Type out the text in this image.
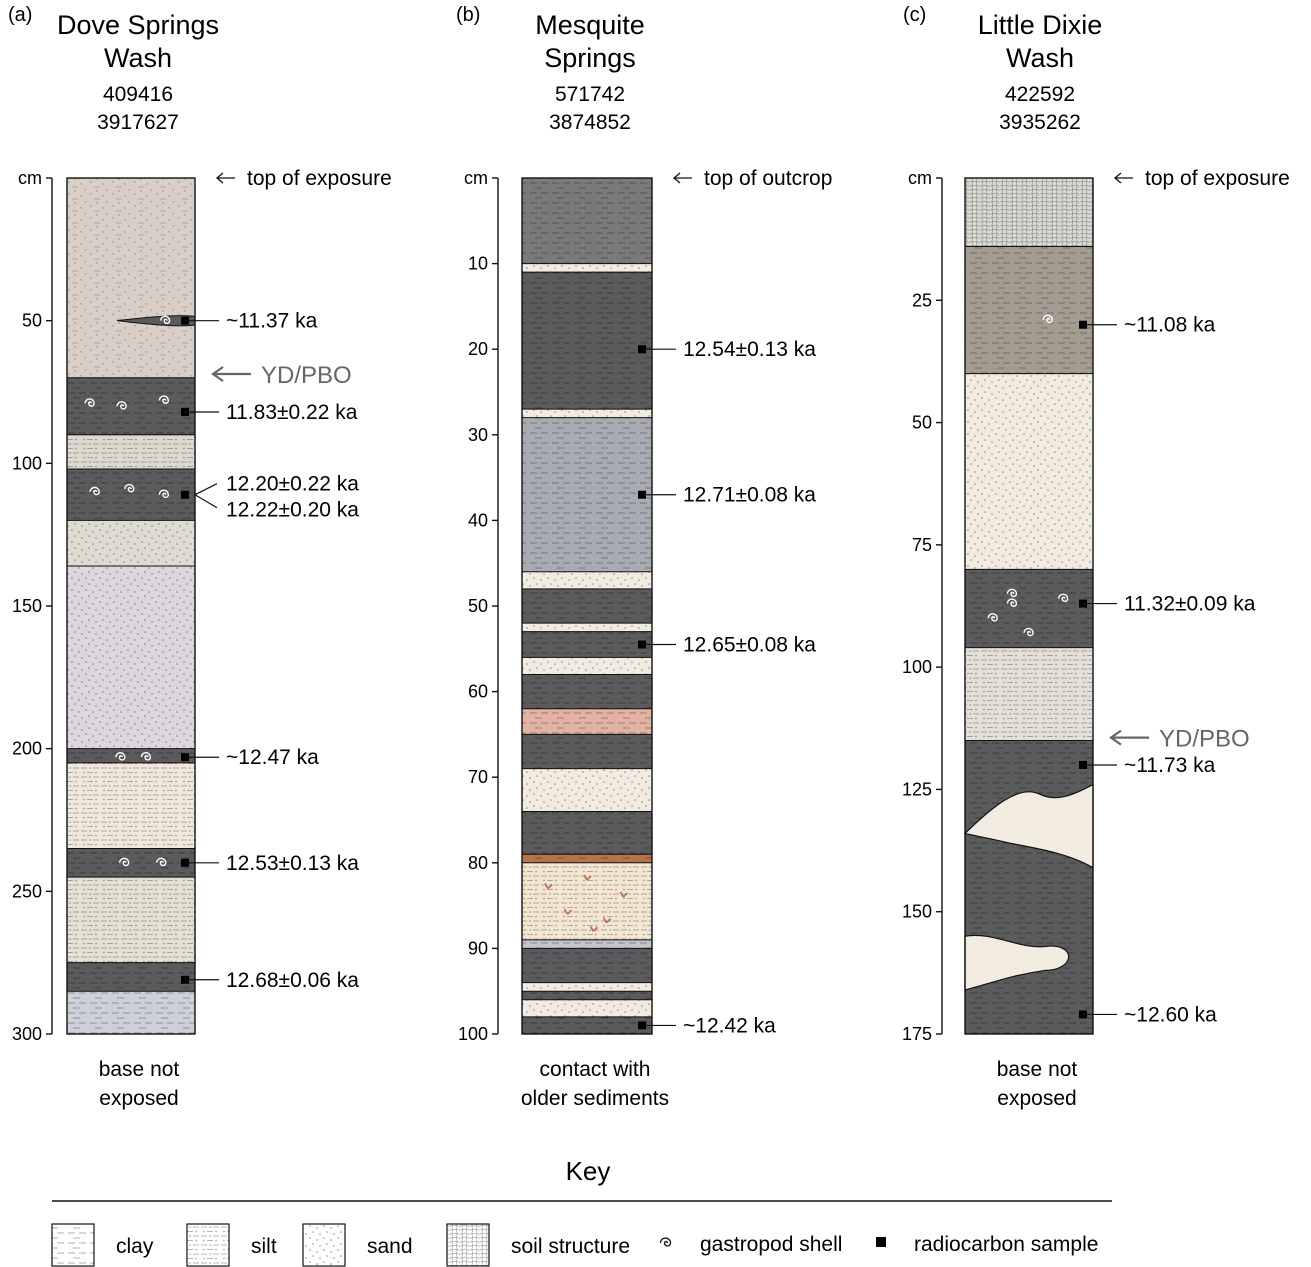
(a) Dove Springs
Wash
409416
3917627
cm
50
100
150
200
250
300
~11.37 ka
11.83±0.22 ka
12.20±0.22 ka
12.22±0.20 ka
~12.47 ka
12.53±0.13 ka
12.68±0.06 ka
top of exposure
YD/PBO
base not
exposed
(b) Mesquite
Springs
571742
3874852
cm
10
20
30
40
50
60
70
80
90
100
12.54±0.13 ka
12.71±0.08 ka
12.65±0.08 ka
~12.42 ka
top of outcrop
contact with
older sediments
(c) Little Dixie
Wash
422592
3935262
cm
25
50
75
100
125
150
175
~11.08 ka
11.32±0.09 ka
~11.73 ka
~12.60 ka
top of exposure
YD/PBO
base not
exposed
Key
clay	silt	sand	soil structure	gastropod shell	radiocarbon sample
